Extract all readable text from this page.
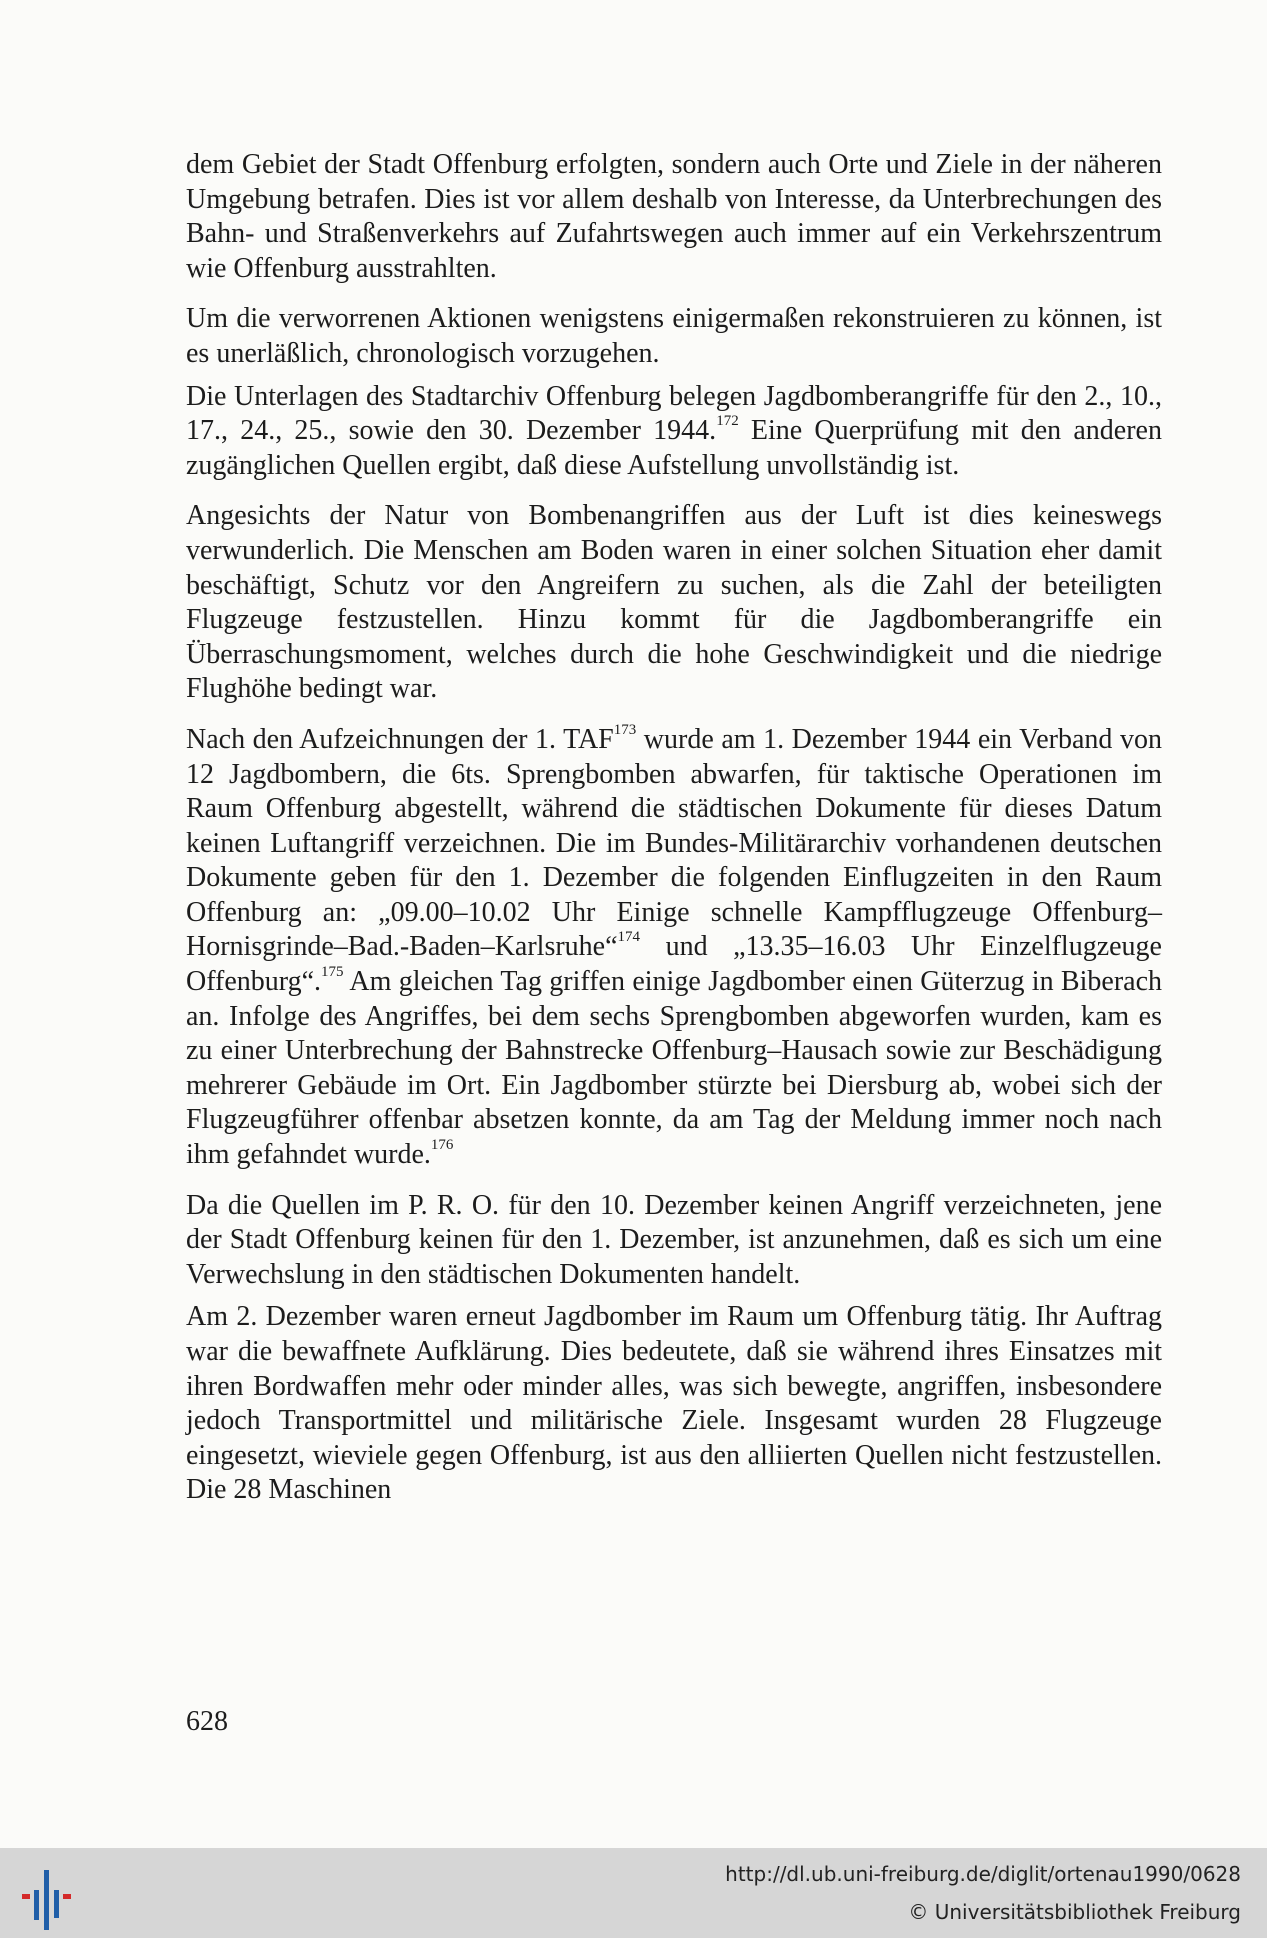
dem Gebiet der Stadt Offenburg erfolgten, sondern auch Orte und Ziele in der näheren Umgebung betrafen. Dies ist vor allem deshalb von Interesse, da Unterbrechungen des Bahn- und Straßenverkehrs auf Zufahrtswegen auch immer auf ein Verkehrszentrum wie Offenburg ausstrahlten.

Um die verworrenen Aktionen wenigstens einigermaßen rekonstruieren zu können, ist es unerläßlich, chronologisch vorzugehen.

Die Unterlagen des Stadtarchiv Offenburg belegen Jagdbomberangriffe für den 2., 10., 17., 24., 25., sowie den 30. Dezember 1944.$^{172}$ Eine Querprüfung mit den anderen zugänglichen Quellen ergibt, daß diese Aufstellung unvollständig ist.

Angesichts der Natur von Bombenangriffen aus der Luft ist dies keineswegs verwunderlich. Die Menschen am Boden waren in einer solchen Situation eher damit beschäftigt, Schutz vor den Angreifern zu suchen, als die Zahl der beteiligten Flugzeuge festzustellen. Hinzu kommt für die Jagdbomberangriffe ein Überraschungsmoment, welches durch die hohe Geschwindigkeit und die niedrige Flughöhe bedingt war.

Nach den Aufzeichnungen der 1. TAF$^{173}$ wurde am 1. Dezember 1944 ein Verband von 12 Jagdbombern, die 6ts. Sprengbomben abwarfen, für taktische Operationen im Raum Offenburg abgestellt, während die städtischen Dokumente für dieses Datum keinen Luftangriff verzeichnen. Die im Bundes-Militärarchiv vorhandenen deutschen Dokumente geben für den 1. Dezember die folgenden Einflugzeiten in den Raum Offenburg an: „09.00–10.02 Uhr Einige schnelle Kampfflugzeuge Offenburg–Hornisgrinde–Bad.-Baden–Karlsruhe“$^{174}$ und „13.35–16.03 Uhr Einzelflugzeuge Offenburg“.$^{175}$ Am gleichen Tag griffen einige Jagdbomber einen Güterzug in Biberach an. Infolge des Angriffes, bei dem sechs Sprengbomben abgeworfen wurden, kam es zu einer Unterbrechung der Bahnstrecke Offenburg–Hausach sowie zur Beschädigung mehrerer Gebäude im Ort. Ein Jagdbomber stürzte bei Diersburg ab, wobei sich der Flugzeugführer offenbar absetzen konnte, da am Tag der Meldung immer noch nach ihm gefahndet wurde.$^{176}$

Da die Quellen im P. R. O. für den 10. Dezember keinen Angriff verzeichneten, jene der Stadt Offenburg keinen für den 1. Dezember, ist anzunehmen, daß es sich um eine Verwechslung in den städtischen Dokumenten handelt.

Am 2. Dezember waren erneut Jagdbomber im Raum um Offenburg tätig. Ihr Auftrag war die bewaffnete Aufklärung. Dies bedeutete, daß sie während ihres Einsatzes mit ihren Bordwaffen mehr oder minder alles, was sich bewegte, angriffen, insbesondere jedoch Transportmittel und militärische Ziele. Insgesamt wurden 28 Flugzeuge eingesetzt, wieviele gegen Offenburg, ist aus den alliierten Quellen nicht festzustellen. Die 28 Maschinen

628
http://dl.ub.uni-freiburg.de/diglit/ortenau1990/0628
© Universitätsbibliothek Freiburg
